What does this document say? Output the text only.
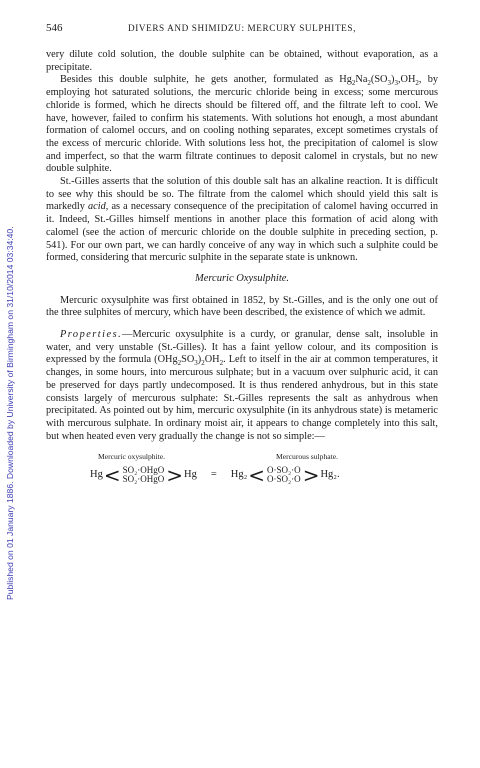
Published on 01 January 1886. Downloaded by University of Birmingham on 31/10/2014 03:34:40.
546	DIVERS AND SHIMIDZU: MERCURY SULPHITES,

very dilute cold solution, the double sulphite can be obtained, without evaporation, as a precipitate.

Besides this double sulphite, he gets another, formulated as $Hg_2Na_2(SO_3)_3,OH_2$, by employing hot saturated solutions, the mercuric chloride being in excess; some mercurous chloride is formed, which he directs should be filtered off, and the filtrate left to cool. We have, however, failed to confirm his statements. With solutions hot enough, a most abundant formation of calomel occurs, and on cooling nothing separates, except sometimes crystals of the excess of mercuric chloride. With solutions less hot, the precipitation of calomel is slow and imperfect, so that the warm filtrate continues to deposit calomel in crystals, but no new double sulphite.

St.-Gilles asserts that the solution of this double salt has an alkaline reaction. It is difficult to see why this should be so. The filtrate from the calomel which should yield this salt is markedly acid, as a necessary consequence of the precipitation of calomel having occurred in it. Indeed, St.-Gilles himself mentions in another place this formation of acid along with calomel (see the action of mercuric chloride on the double sulphite in preceding section, p. 541). For our own part, we can hardly conceive of any way in which such a sulphite could be formed, considering that mercuric sulphite in the separate state is unknown.

Mercuric Oxysulphite.

Mercuric oxysulphite was first obtained in 1852, by St.-Gilles, and is the only one out of the three sulphites of mercury, which have been described, the existence of which we admit.

Properties.—Mercuric oxysulphite is a curdy, or granular, dense salt, insoluble in water, and very unstable (St.-Gilles). It has a faint yellow colour, and its composition is expressed by the formula $(OHg_2SO_3)_2OH_2$. Left to itself in the air at common temperatures, it changes, in some hours, into mercurous sulphate; but in a vacuum over sulphuric acid, it can be preserved for days partly undecomposed. It is thus rendered anhydrous, but in this state consists largely of mercurous sulphate: St.-Gilles represents the salt as anhydrous when precipitated. As pointed out by him, mercuric oxysulphite (in its anhydrous state) is metameric with mercurous sulphate. In ordinary moist air, it appears to change completely into this salt, but when heated even very gradually the change is not so simple:—

Mercuric oxysulphite.	Mercurous sulphate.
Hg < SO₂·OHgO
SO₂·OHgO > Hg = Hg₂ < O·SO₂·O
O·SO₂·O > Hg₂.
